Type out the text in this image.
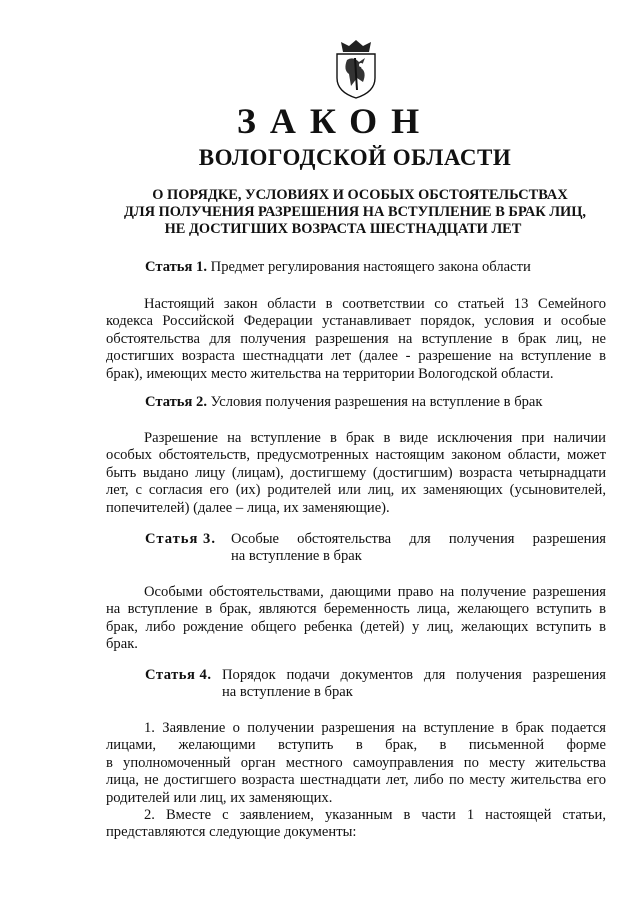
ЗАКОН
ВОЛОГОДСКОЙ ОБЛАСТИ
О ПОРЯДКЕ, УСЛОВИЯХ И ОСОБЫХ ОБСТОЯТЕЛЬСТВАХ
ДЛЯ ПОЛУЧЕНИЯ РАЗРЕШЕНИЯ НА ВСТУПЛЕНИЕ В БРАК ЛИЦ,
НЕ ДОСТИГШИХ ВОЗРАСТА ШЕСТНАДЦАТИ ЛЕТ
Статья 1. Предмет регулирования настоящего закона области
Настоящий закон области в соответствии со статьей 13 Семейного
кодекса Российской Федерации устанавливает порядок, условия и особые
обстоятельства для получения разрешения на вступление в брак лиц, не
достигших возраста шестнадцати лет (далее - разрешение на вступление в
брак), имеющих место жительства на территории Вологодской области.
Статья 2. Условия получения разрешения на вступление в брак
Разрешение на вступление в брак в виде исключения при наличии
особых обстоятельств, предусмотренных настоящим законом области, может
быть выдано лицу (лицам), достигшему (достигшим) возраста четырнадцати
лет, с согласия его (их) родителей или лиц, их заменяющих (усыновителей,
попечителей) (далее – лица, их заменяющие).
Статья 3.	Особые обстоятельства для получения разрешения
на вступление в брак
Особыми обстоятельствами, дающими право на получение разрешения
на вступление в брак, являются беременность лица, желающего вступить в
брак, либо рождение общего ребенка (детей) у лиц, желающих вступить в
брак.
Статья 4. Порядок подачи документов для получения разрешения
на вступление в брак
1. Заявление о получении разрешения на вступление в брак подается
лицами, желающими вступить в брак, в письменной форме
в уполномоченный орган местного самоуправления по месту жительства
лица, не достигшего возраста шестнадцати лет, либо по месту жительства его
родителей или лиц, их заменяющих.
2. Вместе с заявлением, указанным в части 1 настоящей статьи,
представляются следующие документы:
